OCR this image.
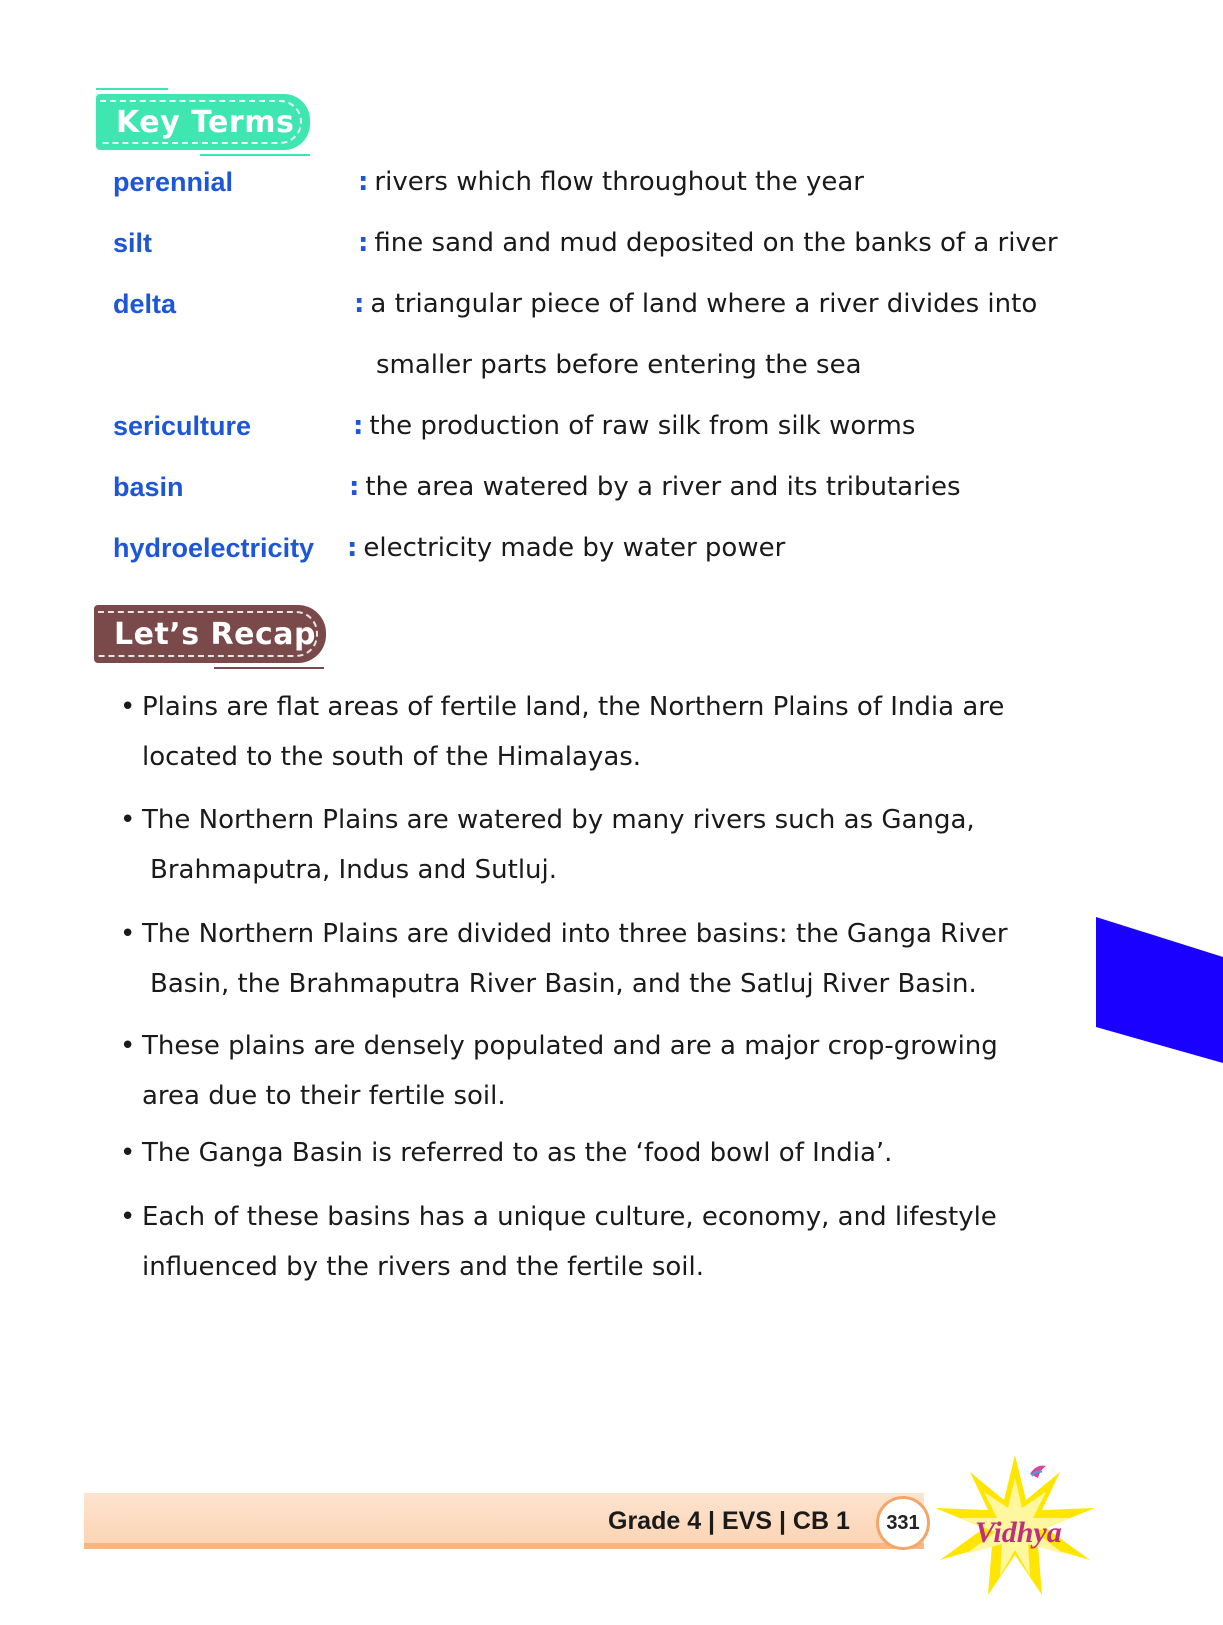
Key Terms
perennial	: rivers which flow throughout the year
silt	: fine sand and mud deposited on the banks of a river
delta	: a triangular piece of land where a river divides into
smaller parts before entering the sea
sericulture	: the production of raw silk from silk worms
basin	: the area watered by a river and its tributaries
hydroelectricity : electricity made by water power
Let’s Recap
• Plains are flat areas of fertile land, the Northern Plains of India are
located to the south of the Himalayas.
• The Northern Plains are watered by many rivers such as Ganga,
Brahmaputra, Indus and Sutluj.
• The Northern Plains are divided into three basins: the Ganga River
Basin, the Brahmaputra River Basin, and the Satluj River Basin.
• These plains are densely populated and are a major crop-growing
area due to their fertile soil.
• The Ganga Basin is referred to as the ‘food bowl of India’.
• Each of these basins has a unique culture, economy, and lifestyle
influenced by the rivers and the fertile soil.
Grade 4 | EVS | CB 1	331	Vidhya
